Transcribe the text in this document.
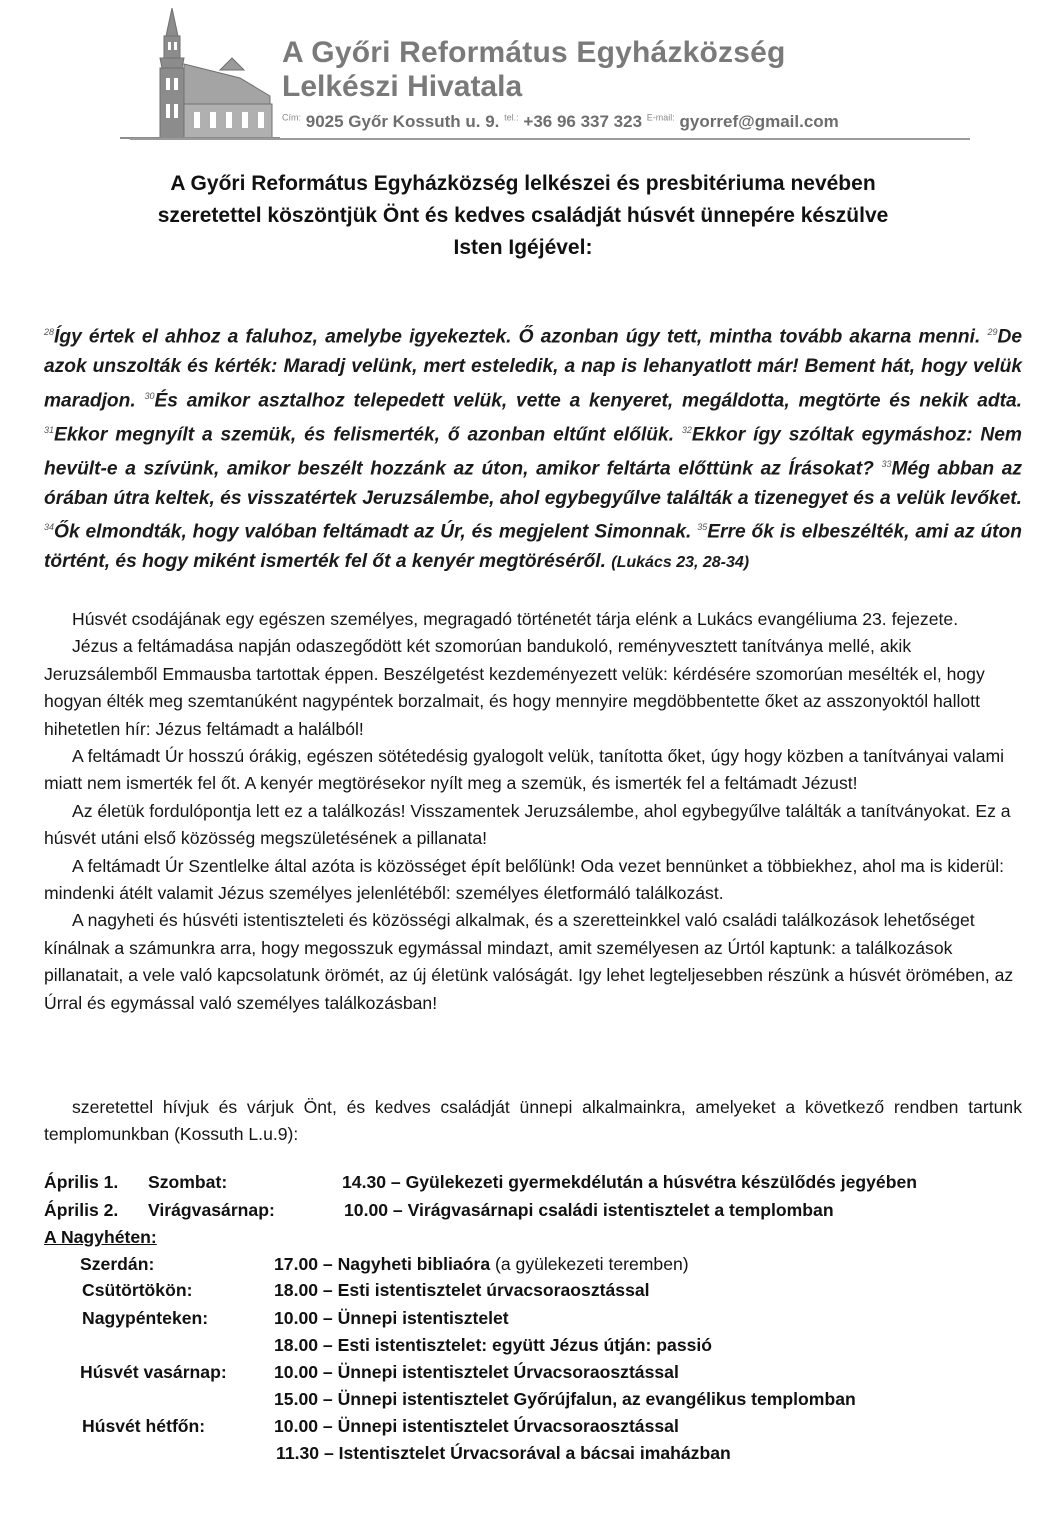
A Győri Református Egyházközség
Lelkészi Hivatala
$^{Cím:}$ 9025 Győr Kossuth u. 9. $^{tel.:}$ +36 96 337 323 $^{E-mail:}$ gyorref@gmail.com
A Győri Református Egyházközség lelkészei és presbitériuma nevében
szeretettel köszöntjük Önt és kedves családját húsvét ünnepére készülve
Isten Igéjével:
$^{28}$Így értek el ahhoz a faluhoz, amelybe igyekeztek. Ő azonban úgy tett, mintha tovább akarna menni. $^{29}$De azok unszolták és kérték: Maradj velünk, mert esteledik, a nap is lehanyatlott már! Bement hát, hogy velük maradjon. $^{30}$És amikor asztalhoz telepedett velük, vette a kenyeret, megáldotta, megtörte és nekik adta. $^{31}$Ekkor megnyílt a szemük, és felismerték, ő azonban eltűnt előlük. $^{32}$Ekkor így szóltak egymáshoz: Nem hevült-e a szívünk, amikor beszélt hozzánk az úton, amikor feltárta előttünk az Írásokat? $^{33}$Még abban az órában útra keltek, és visszatértek Jeruzsálembe, ahol egybegyűlve találták a tizenegyet és a velük levőket. $^{34}$Ők elmondták, hogy valóban feltámadt az Úr, és megjelent Simonnak. $^{35}$Erre ők is elbeszélték, ami az úton történt, és hogy miként ismerték fel őt a kenyér megtöréséről. (Lukács 23, 28-34)

Húsvét csodájának egy egészen személyes, megragadó történetét tárja elénk a Lukács evangéliuma 23. fejezete.

Jézus a feltámadása napján odaszegődött két szomorúan bandukoló, reményvesztett tanítványa mellé, akik Jeruzsálemből Emmausba tartottak éppen. Beszélgetést kezdeményezett velük: kérdésére szomorúan mesélték el, hogy hogyan élték meg szemtanúként nagypéntek borzalmait, és hogy mennyire megdöbbentette őket az asszonyoktól hallott hihetetlen hír: Jézus feltámadt a halálból!

A feltámadt Úr hosszú órákig, egészen sötétedésig gyalogolt velük, tanította őket, úgy hogy közben a tanítványai valami miatt nem ismerték fel őt. A kenyér megtörésekor nyílt meg a szemük, és ismerték fel a feltámadt Jézust!

Az életük fordulópontja lett ez a találkozás! Visszamentek Jeruzsálembe, ahol egybegyűlve találták a tanítványokat. Ez a húsvét utáni első közösség megszületésének a pillanata!

A feltámadt Úr Szentlelke által azóta is közösséget épít belőlünk! Oda vezet bennünket a többiekhez, ahol ma is kiderül: mindenki átélt valamit Jézus személyes jelenlétéből: személyes életformáló találkozást.

A nagyheti és húsvéti istentiszteleti és közösségi alkalmak, és a szeretteinkkel való családi találkozások lehetőséget kínálnak a számunkra arra, hogy megosszuk egymással mindazt, amit személyesen az Úrtól kaptunk: a találkozások pillanatait, a vele való kapcsolatunk örömét, az új életünk valóságát. Igy lehet legteljesebben részünk a húsvét örömében, az Úrral és egymással való személyes találkozásban!

szeretettel hívjuk és várjuk Önt, és kedves családját ünnepi alkalmainkra, amelyeket a következő rendben tartunk templomunkban (Kossuth L.u.9):
Április 1. Szombat:	14.30 – Gyülekezeti gyermekdélután a húsvétra készülődés jegyében
Április 2. Virágvasárnap:	10.00 – Virágvasárnapi családi istentisztelet a templomban
A Nagyhéten:
Szerdán:	17.00 – Nagyheti bibliaóra (a gyülekezeti teremben)
Csütörtökön:	18.00 – Esti istentisztelet úrvacsoraosztással
Nagypénteken:	10.00 – Ünnepi istentisztelet
18.00 – Esti istentisztelet: együtt Jézus útján: passió
Húsvét vasárnap:	10.00 – Ünnepi istentisztelet Úrvacsoraosztással
15.00 – Ünnepi istentisztelet Győrújfalun, az evangélikus templomban
Húsvét hétfőn:	10.00 – Ünnepi istentisztelet Úrvacsoraosztással
11.30 – Istentisztelet Úrvacsorával a bácsai imaházban
